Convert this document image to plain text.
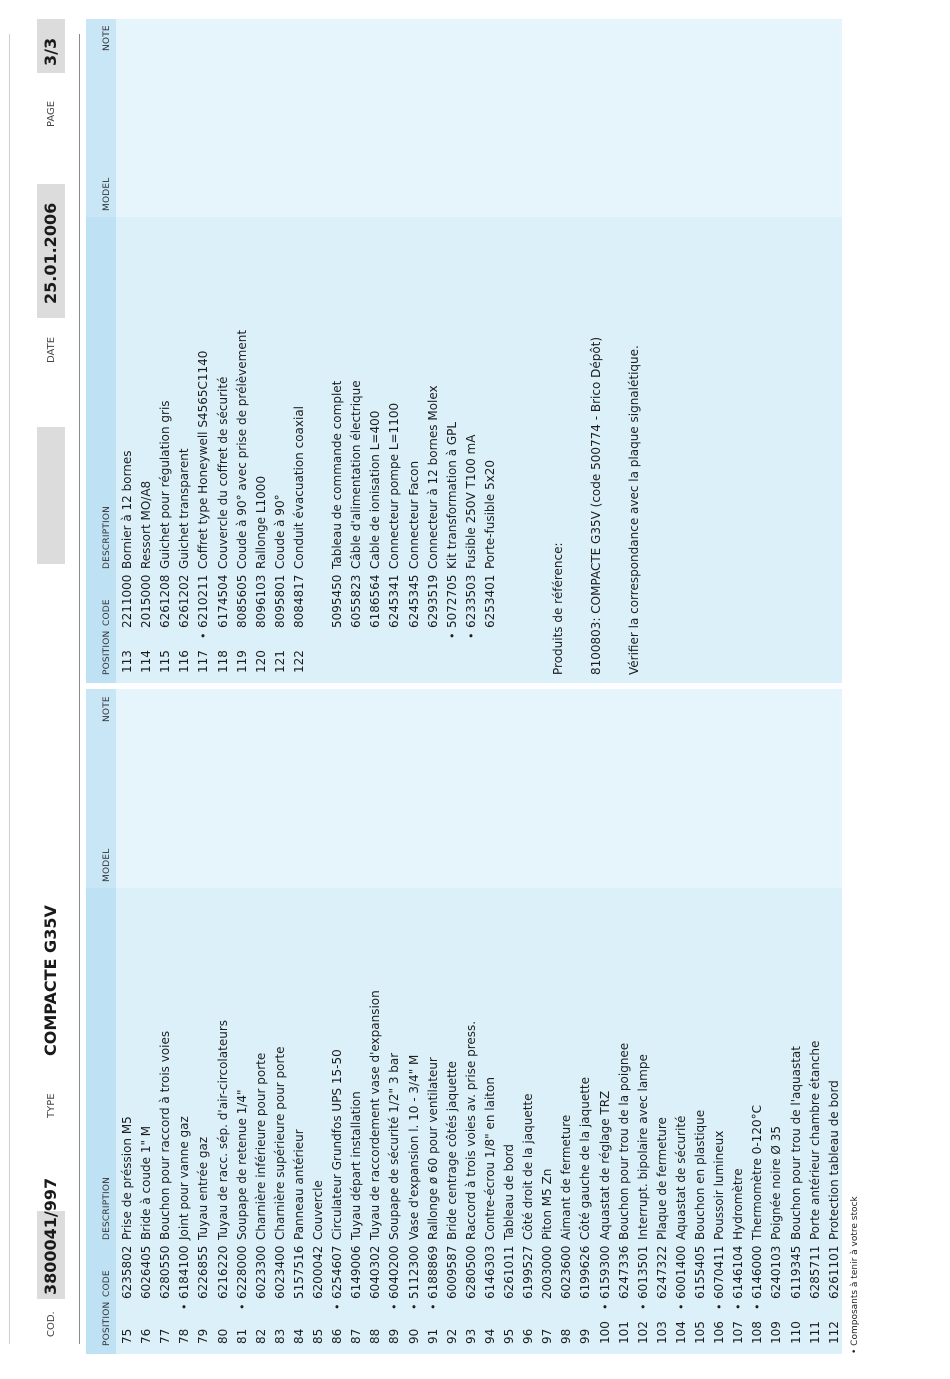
COD.
3800041/997
TYPE
COMPACTE G35V
DATE
25.01.2006
PAGE
3/3
POSITION
CODE
DESCRIPTION
MODEL
NOTE
75
6235802
Prise de préssion M5
76
6026405
Bride à coude 1" M
77
6280550
Bouchon pour raccord à trois voies
78
•
6184100
Joint pour vanne gaz
79
6226855
Tuyau entrée gaz
80
6216220
Tuyau de racc. sép. d'air-circolateurs
81
•
6228000
Soupape de retenue 1/4"
82
6023300
Charnière inférieure pour porte
83
6023400
Charnière supérieure pour porte
84
5157516
Panneau antérieur
85
6200042
Couvercle
86
•
6254607
Circulateur Grundfos UPS 15-50
87
6149006
Tuyau départ installation
88
6040302
Tuyau de raccordement vase d'expansion
89
•
6040200
Soupape de sécurité 1/2" 3 bar
90
•
5112300
Vase d'expansion l. 10 - 3/4" M
91
•
6188869
Rallonge ø 60 pour ventilateur
92
6009587
Bride centrage côtés jaquette
93
6280500
Raccord à trois voies av. prise press.
94
6146303
Contre-écrou 1/8" en laiton
95
6261011
Tableau de bord
96
6199527
Côté droit de la jaquette
97
2003000
Piton M5 Zn
98
6023600
Aimant de fermeture
99
6199626
Côté gauche de la jaquette
100
•
6159300
Aquastat de réglage TRZ
101
6247336
Bouchon pour trou de la poignee
102
•
6013501
Interrupt. bipolaire avec lampe
103
6247322
Plaque de fermeture
104
•
6001400
Aquastat de sécurité
105
6155405
Bouchon en plastique
106
•
6070411
Poussoir lumineux
107
•
6146104
Hydromètre
108
•
6146000
Thermomètre 0-120°C
109
6240103
Poignée noire Ø 35
110
6119345
Bouchon pour trou de l'aquastat
111
6285711
Porte antérieur chambre étanche
112
6261101
Protection tableau de bord
• Composants à tenir à votre stock
POSITION
CODE
DESCRIPTION
MODEL
NOTE
113
2211000
Bornier à 12 bornes
114
2015000
Ressort MO/A8
115
6261208
Guichet pour régulation gris
116
6261202
Guichet transparent
117
•
6210211
Coffret type Honeywell S4565C1140
118
6174504
Couvercle du coffret de sécurité
119
8085605
Coude à 90° avec prise de prélèvement
120
8096103
Rallonge L1000
121
8095801
Coude à 90°
122
8084817
Conduit évacuation coaxial
5095450
Tableau de commande complet
6055823
Câble d'alimentation électrique
6186564
Cable de ionisation L=400
6245341
Connecteur pompe L=1100
6245345
Connecteur Facon
6293519
Connecteur à 12 bornes Molex
•
5072705
Kit transformation à GPL
•
6233503
Fusible 250V T100 mA
6253401
Porte-fusible 5x20
Produits de référence: 8100803: COMPACTE G35V (code 500774 - Brico Dépôt) Vérifier la correspondance avec la plaque signalétique.
